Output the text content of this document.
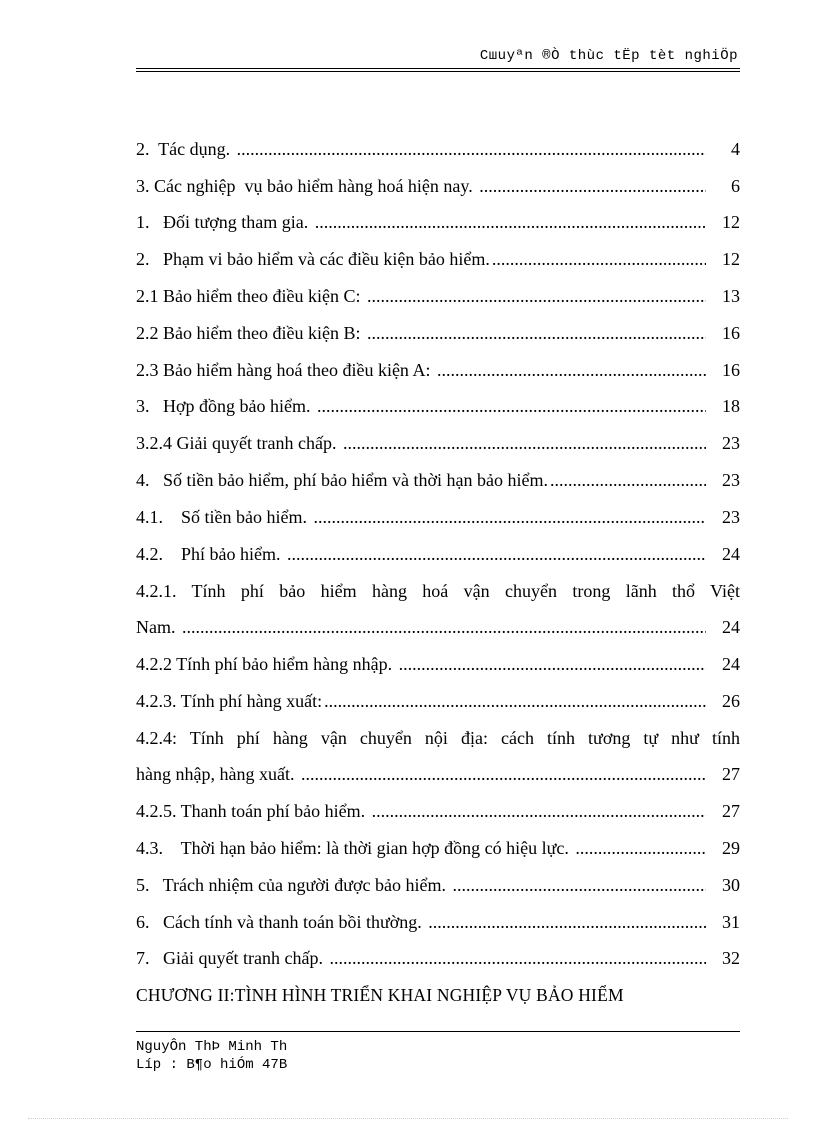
Cшuyªn ®Ò thùc tËp tèt nghiÖp
2.  Tác dụng. .....	4
3. Các nghiệp  vụ bảo hiểm hàng hoá hiện nay. .....	6
1.   Đối tượng tham gia. .....	12
2.   Phạm vi bảo hiểm và các điều kiện bảo hiểm. .....	12
2.1 Bảo hiểm theo điều kiện C: .....	13
2.2 Bảo hiểm theo điều kiện B: .....	16
2.3 Bảo hiểm hàng hoá theo điều kiện A: .....	16
3.   Hợp đồng bảo hiểm. .....	18
3.2.4 Giải quyết tranh chấp. .....	23
4.   Số tiền bảo hiểm, phí bảo hiểm và thời hạn bảo hiểm. .....	23
4.1.    Số tiền bảo hiểm. .....	23
4.2.    Phí bảo hiểm. .....	24
4.2.1. Tính phí bảo hiểm hàng hoá vận chuyển trong lãnh thổ Việt
Nam. .....	24
4.2.2 Tính phí bảo hiểm hàng nhập. .....	24
4.2.3. Tính phí hàng xuất: .....	26
4.2.4: Tính phí hàng vận chuyển nội địa: cách tính tương tự như tính
hàng nhập, hàng xuất. .....	27
4.2.5. Thanh toán phí bảo hiểm. .....	27
4.3.    Thời hạn bảo hiểm: là thời gian hợp đồng có hiệu lực. .....	29
5.   Trách nhiệm của người được bảo hiểm. .....	30
6.   Cách tính và thanh toán bồi thường. .....	31
7.   Giải quyết tranh chấp. .....	32
CHƯƠNG II:TÌNH HÌNH TRIỂN KHAI NGHIỆP VỤ BẢO HIỂM
NguyÔn ThÞ Minh Th
Líp : B¶o hiÓm 47B
